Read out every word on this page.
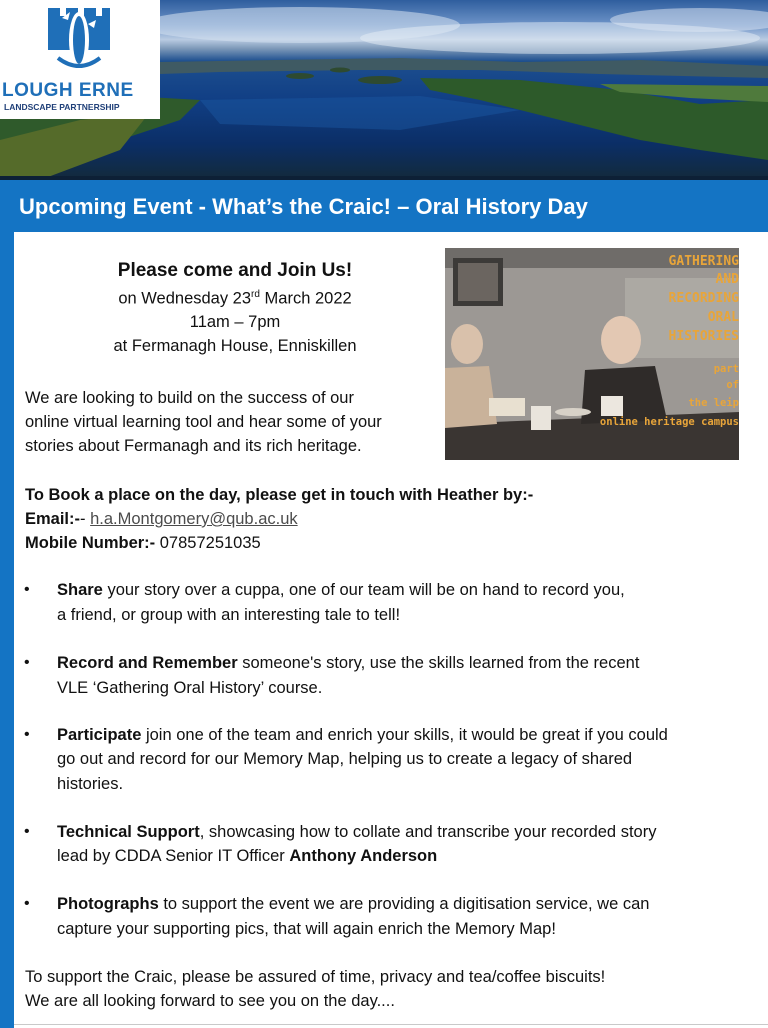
LOUGH ERNE
LANDSCAPE PARTNERSHIP
Upcoming Event - What’s the Craic! – Oral History Day
Please come and Join Us!
on Wednesday 23rd March 2022
11am – 7pm
at Fermanagh House, Enniskillen
We are looking to build on the success of our
online virtual learning tool and hear some of your
stories about Fermanagh and its rich heritage.
GATHERING
AND
RECORDING
ORAL
HISTORIES
part
of
the leip
online heritage campus
To Book a place on the day, please get in touch with Heather by:-
Email:-- h.a.Montgomery@qub.ac.uk
Mobile Number:- 07857251035
• Share your story over a cuppa, one of our team will be on hand to record you,
a friend, or group with an interesting tale to tell!
• Record and Remember someone's story, use the skills learned from the recent
VLE ‘Gathering Oral History’ course.
• Participate join one of the team and enrich your skills, it would be great if you could
go out and record for our Memory Map, helping us to create a legacy of shared
histories.
• Technical Support, showcasing how to collate and transcribe your recorded story
lead by CDDA Senior IT Officer Anthony Anderson
• Photographs to support the event we are providing a digitisation service, we can
capture your supporting pics, that will again enrich the Memory Map!
To support the Craic, please be assured of time, privacy and tea/coffee biscuits!
We are all looking forward to see you on the day....
